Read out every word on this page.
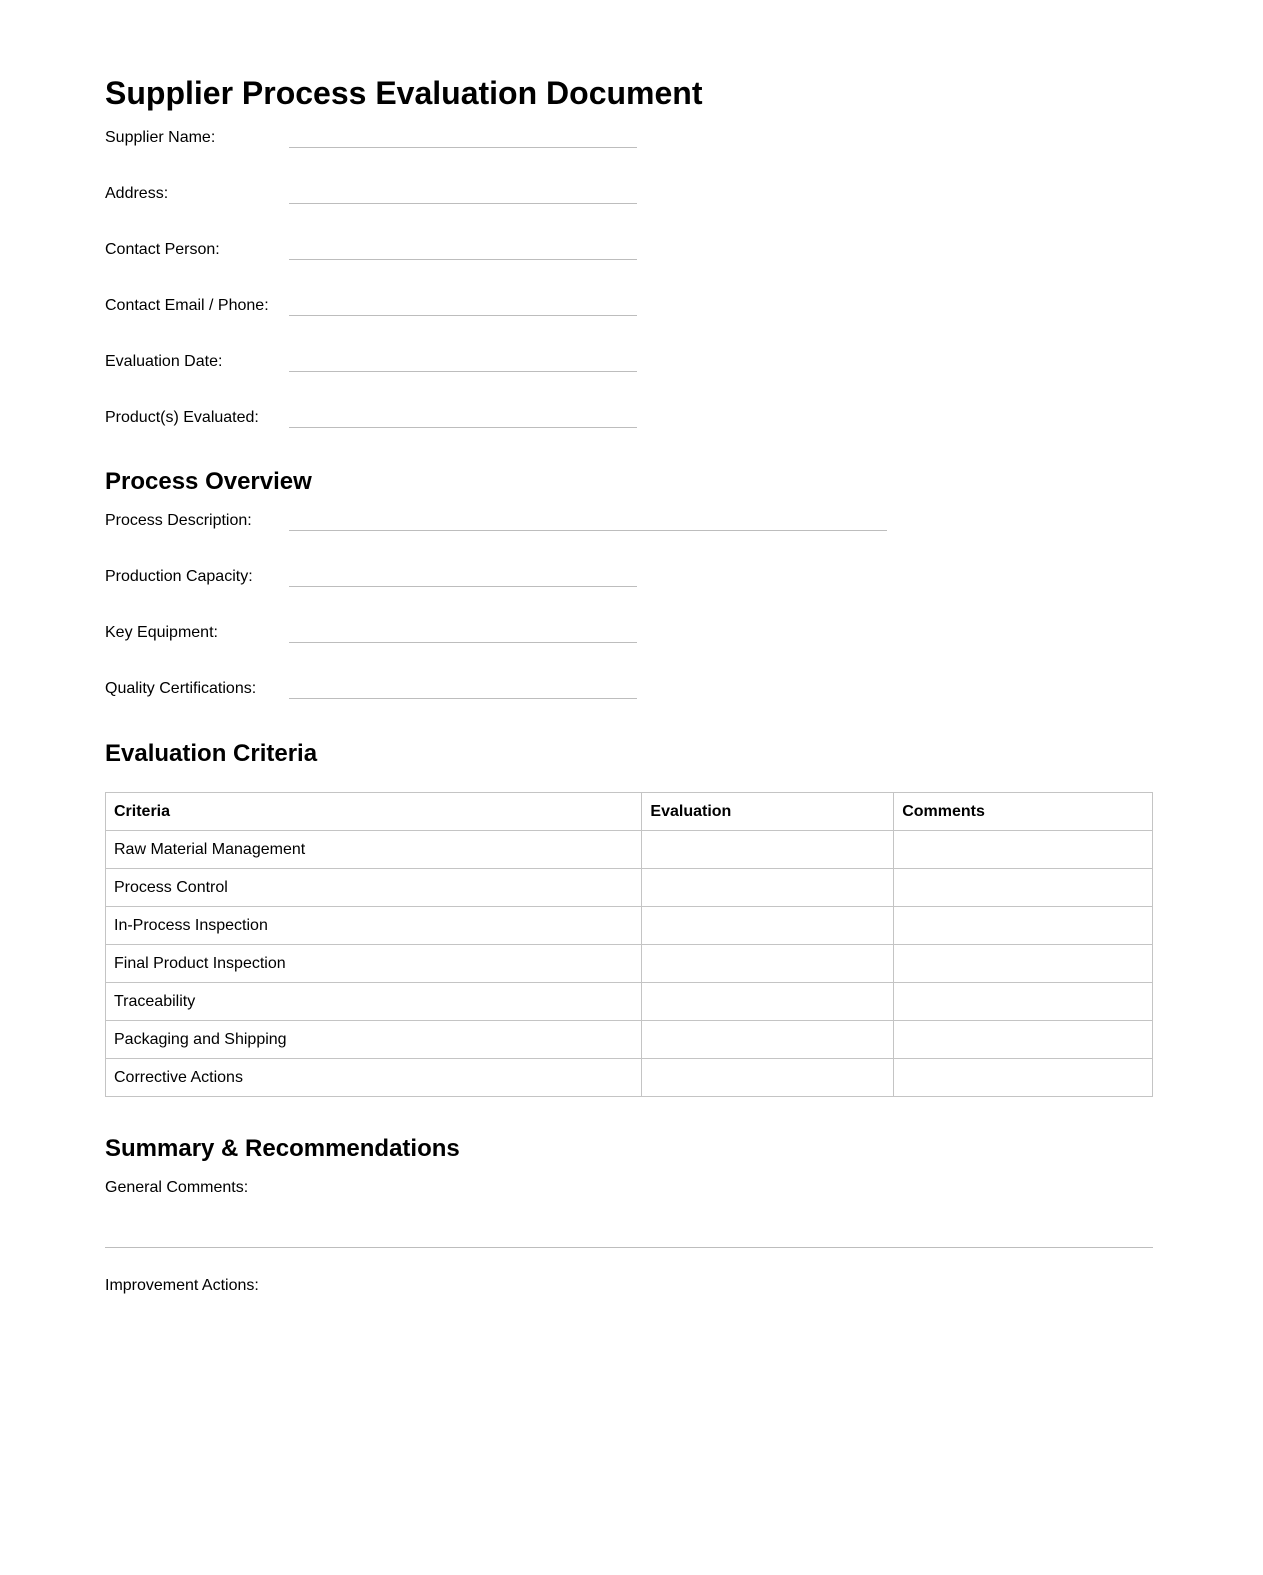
Supplier Process Evaluation Document
Supplier Name:
Address:
Contact Person:
Contact Email / Phone:
Evaluation Date:
Product(s) Evaluated:
Process Overview
Process Description:
Production Capacity:
Key Equipment:
Quality Certifications:
Evaluation Criteria
Criteria	Evaluation	Comments
Raw Material Management		
Process Control		
In-Process Inspection		
Final Product Inspection		
Traceability		
Packaging and Shipping		
Corrective Actions		
Summary & Recommendations
General Comments:
Improvement Actions:
